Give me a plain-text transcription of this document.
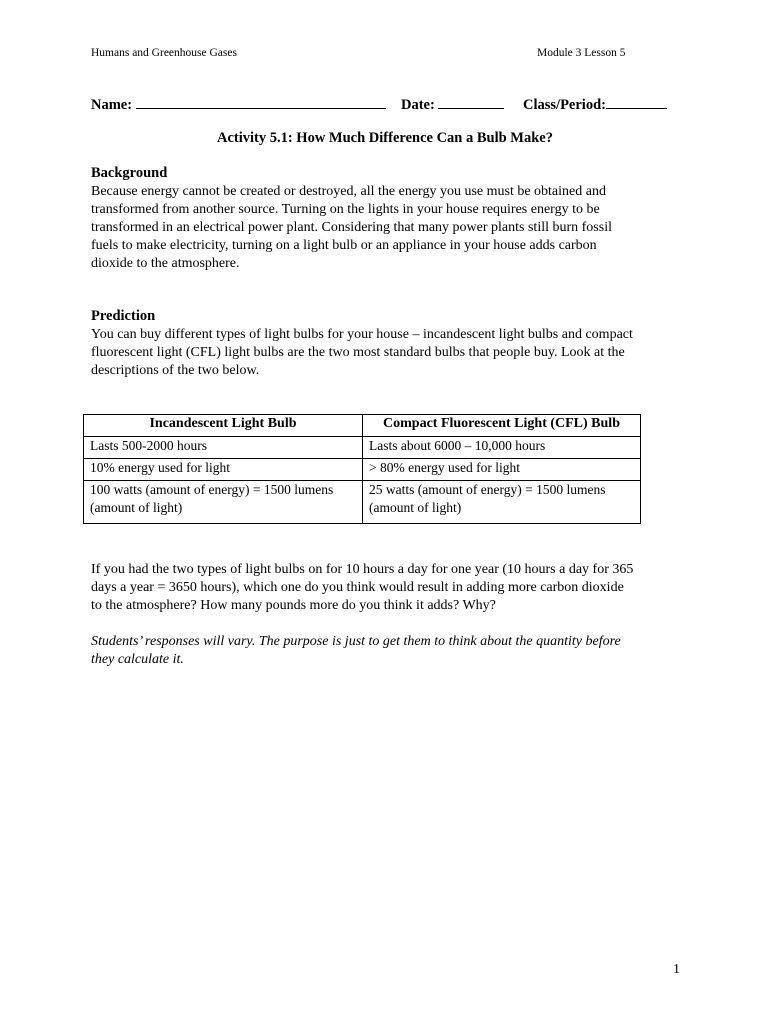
Humans and Greenhouse Gases	Module 3 Lesson 5
Name:	Date:	Class/Period:
Activity 5.1: How Much Difference Can a Bulb Make?
Background
Because energy cannot be created or destroyed, all the energy you use must be obtained and
transformed from another source. Turning on the lights in your house requires energy to be
transformed in an electrical power plant. Considering that many power plants still burn fossil
fuels to make electricity, turning on a light bulb or an appliance in your house adds carbon
dioxide to the atmosphere.
Prediction
You can buy different types of light bulbs for your house – incandescent light bulbs and compact
fluorescent light (CFL) light bulbs are the two most standard bulbs that people buy. Look at the
descriptions of the two below.
Incandescent Light Bulb	Compact Fluorescent Light (CFL) Bulb
Lasts 500-2000 hours	Lasts about 6000 – 10,000 hours
10% energy used for light	> 80% energy used for light
100 watts (amount of energy) = 1500 lumens (amount of light)	25 watts (amount of energy) = 1500 lumens (amount of light)
If you had the two types of light bulbs on for 10 hours a day for one year (10 hours a day for 365
days a year = 3650 hours), which one do you think would result in adding more carbon dioxide
to the atmosphere? How many pounds more do you think it adds? Why?
Students’ responses will vary. The purpose is just to get them to think about the quantity before
they calculate it.
1
